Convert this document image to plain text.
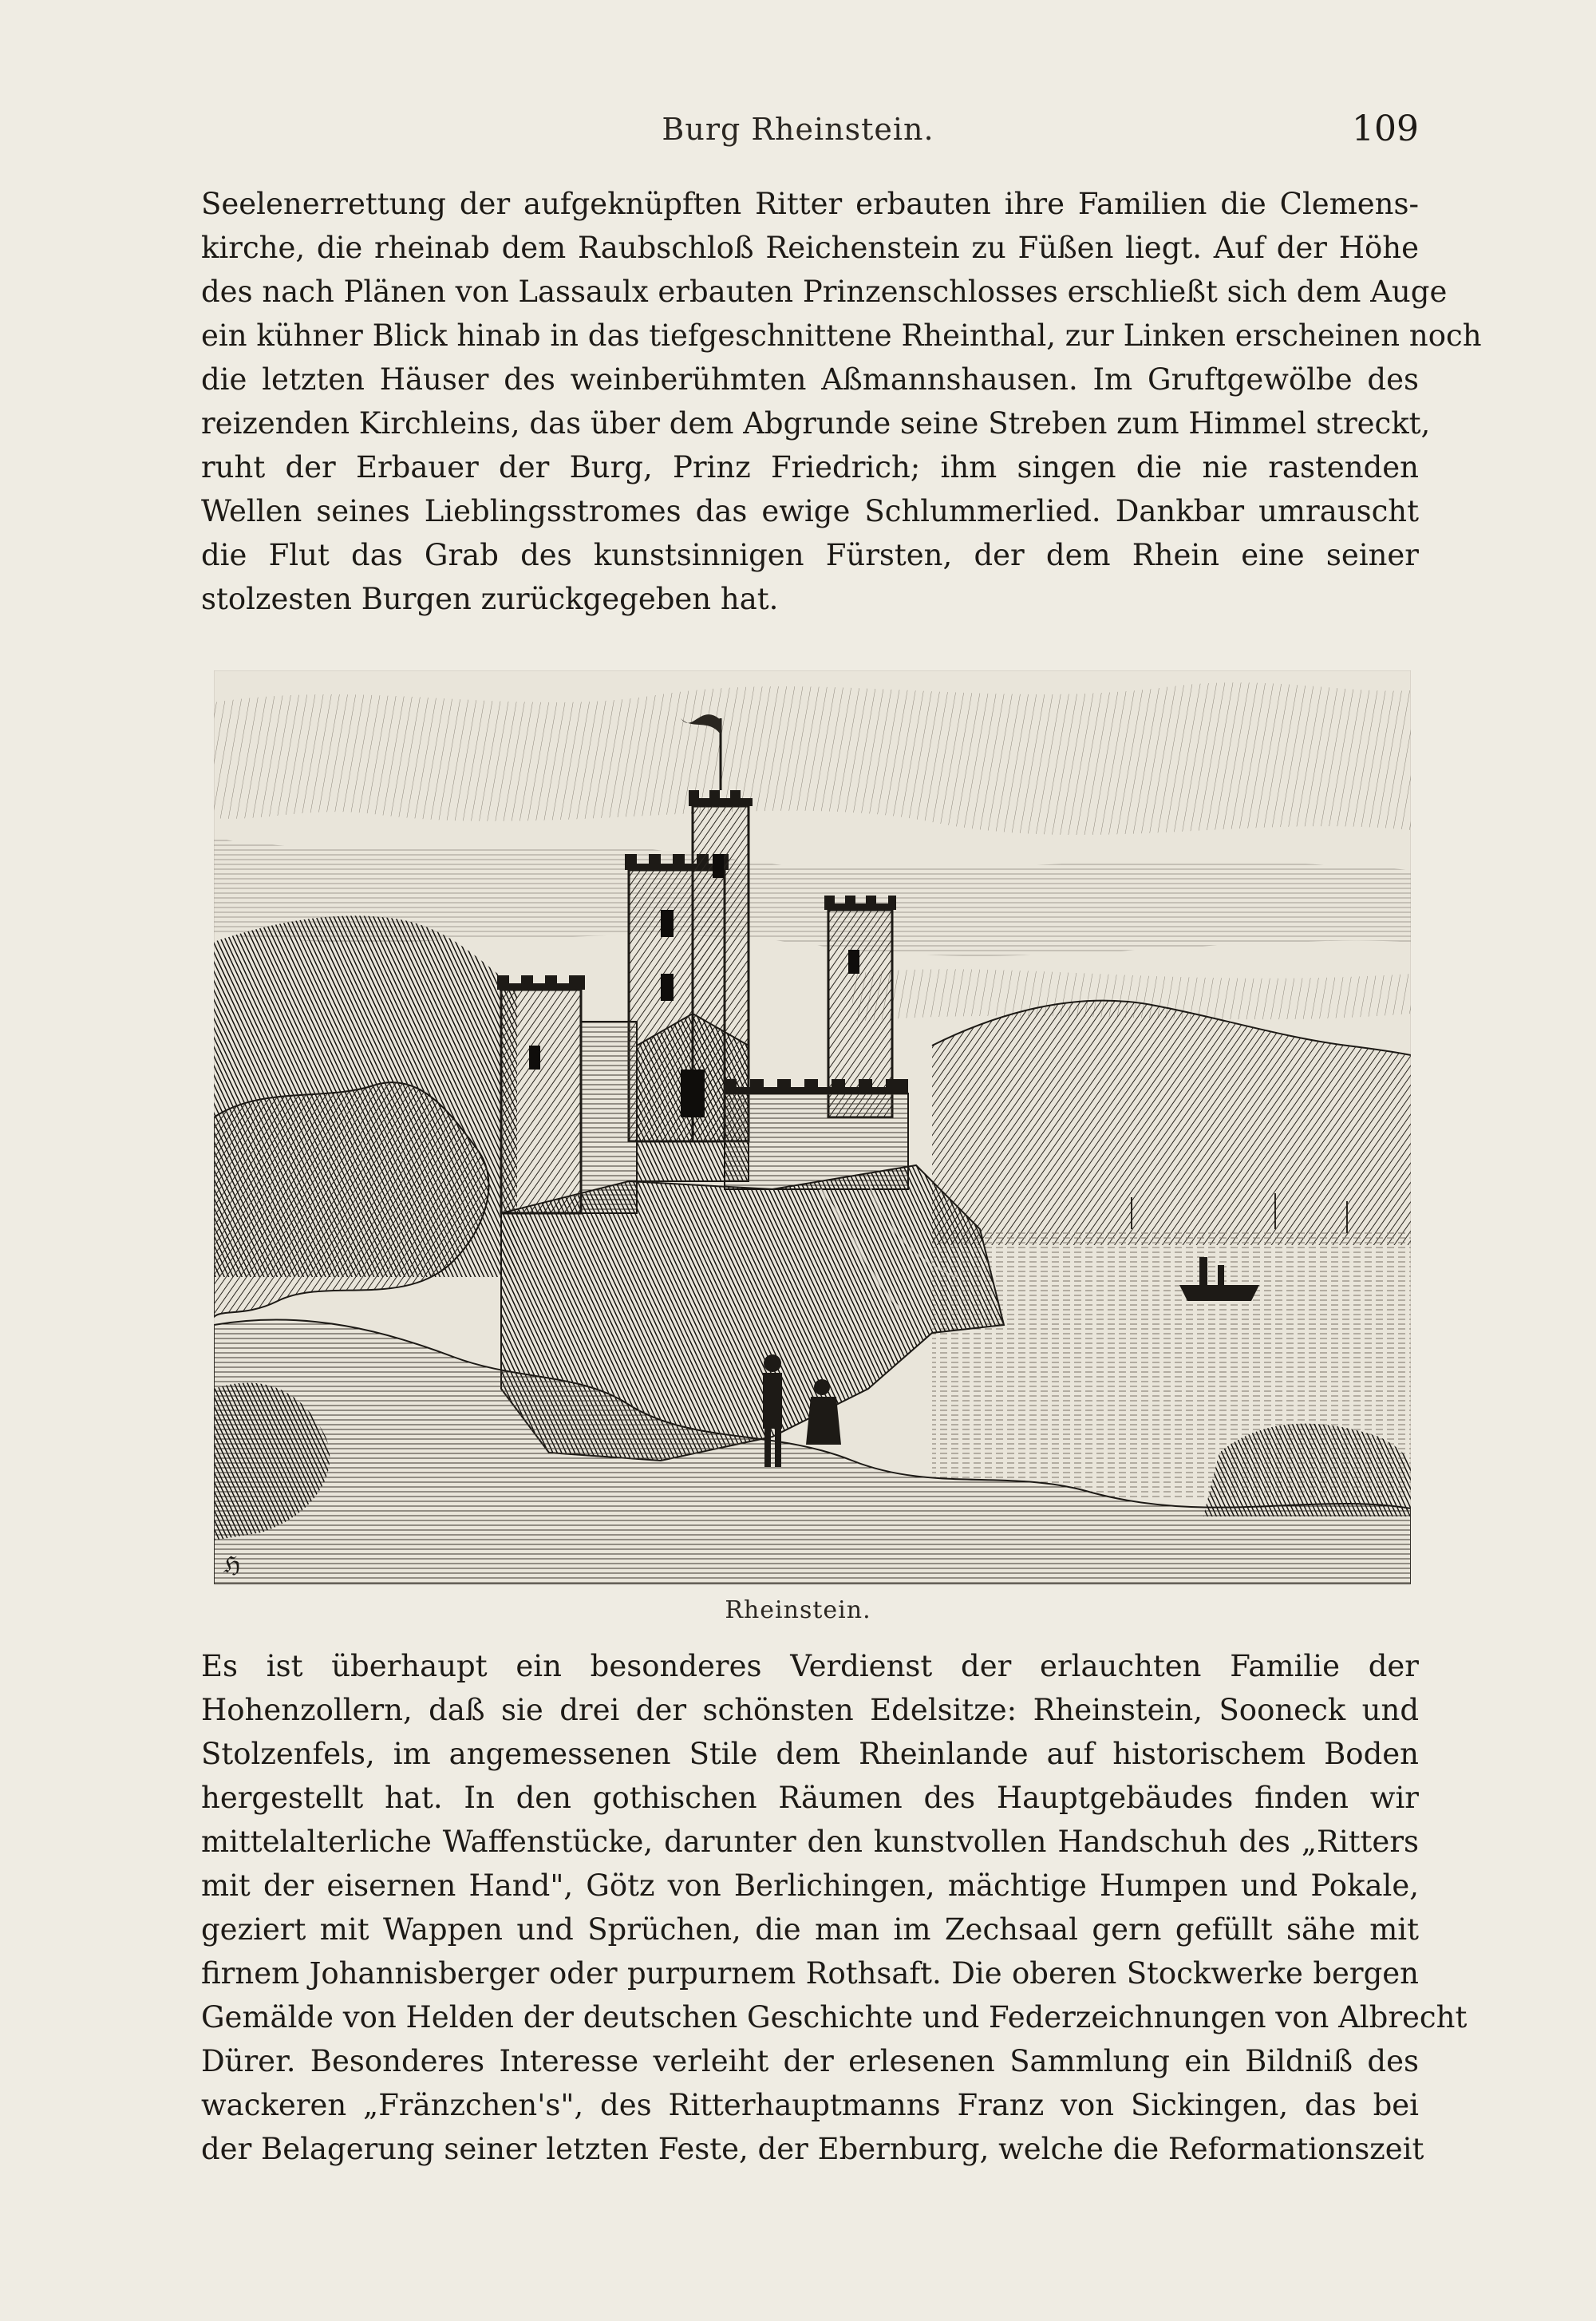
Burg Rheinstein.	109
Seelenerrettung der aufgeknüpften Ritter erbauten ihre Familien die Clemens-
kirche, die rheinab dem Raubschloß Reichenstein zu Füßen liegt. Auf der Höhe
des nach Plänen von Lassaulx erbauten Prinzenschlosses erschließt sich dem Auge
ein kühner Blick hinab in das tiefgeschnittene Rheinthal, zur Linken erscheinen noch
die letzten Häuser des weinberühmten Aßmannshausen. Im Gruftgewölbe des
reizenden Kirchleins, das über dem Abgrunde seine Streben zum Himmel streckt,
ruht der Erbauer der Burg, Prinz Friedrich; ihm singen die nie rastenden
Wellen seines Lieblingsstromes das ewige Schlummerlied. Dankbar umrauscht
die Flut das Grab des kunstsinnigen Fürsten, der dem Rhein eine seiner
stolzesten Burgen zurückgegeben hat.
ℌ
Rheinstein.
Es ist überhaupt ein besonderes Verdienst der erlauchten Familie der
Hohenzollern, daß sie drei der schönsten Edelsitze: Rheinstein, Sooneck und
Stolzenfels, im angemessenen Stile dem Rheinlande auf historischem Boden
hergestellt hat. In den gothischen Räumen des Hauptgebäudes finden wir
mittelalterliche Waffenstücke, darunter den kunstvollen Handschuh des „Ritters
mit der eisernen Hand", Götz von Berlichingen, mächtige Humpen und Pokale,
geziert mit Wappen und Sprüchen, die man im Zechsaal gern gefüllt sähe mit
firnem Johannisberger oder purpurnem Rothsaft. Die oberen Stockwerke bergen
Gemälde von Helden der deutschen Geschichte und Federzeichnungen von Albrecht
Dürer. Besonderes Interesse verleiht der erlesenen Sammlung ein Bildniß des
wackeren „Fränzchen's", des Ritterhauptmanns Franz von Sickingen, das bei
der Belagerung seiner letzten Feste, der Ebernburg, welche die Reformationszeit
